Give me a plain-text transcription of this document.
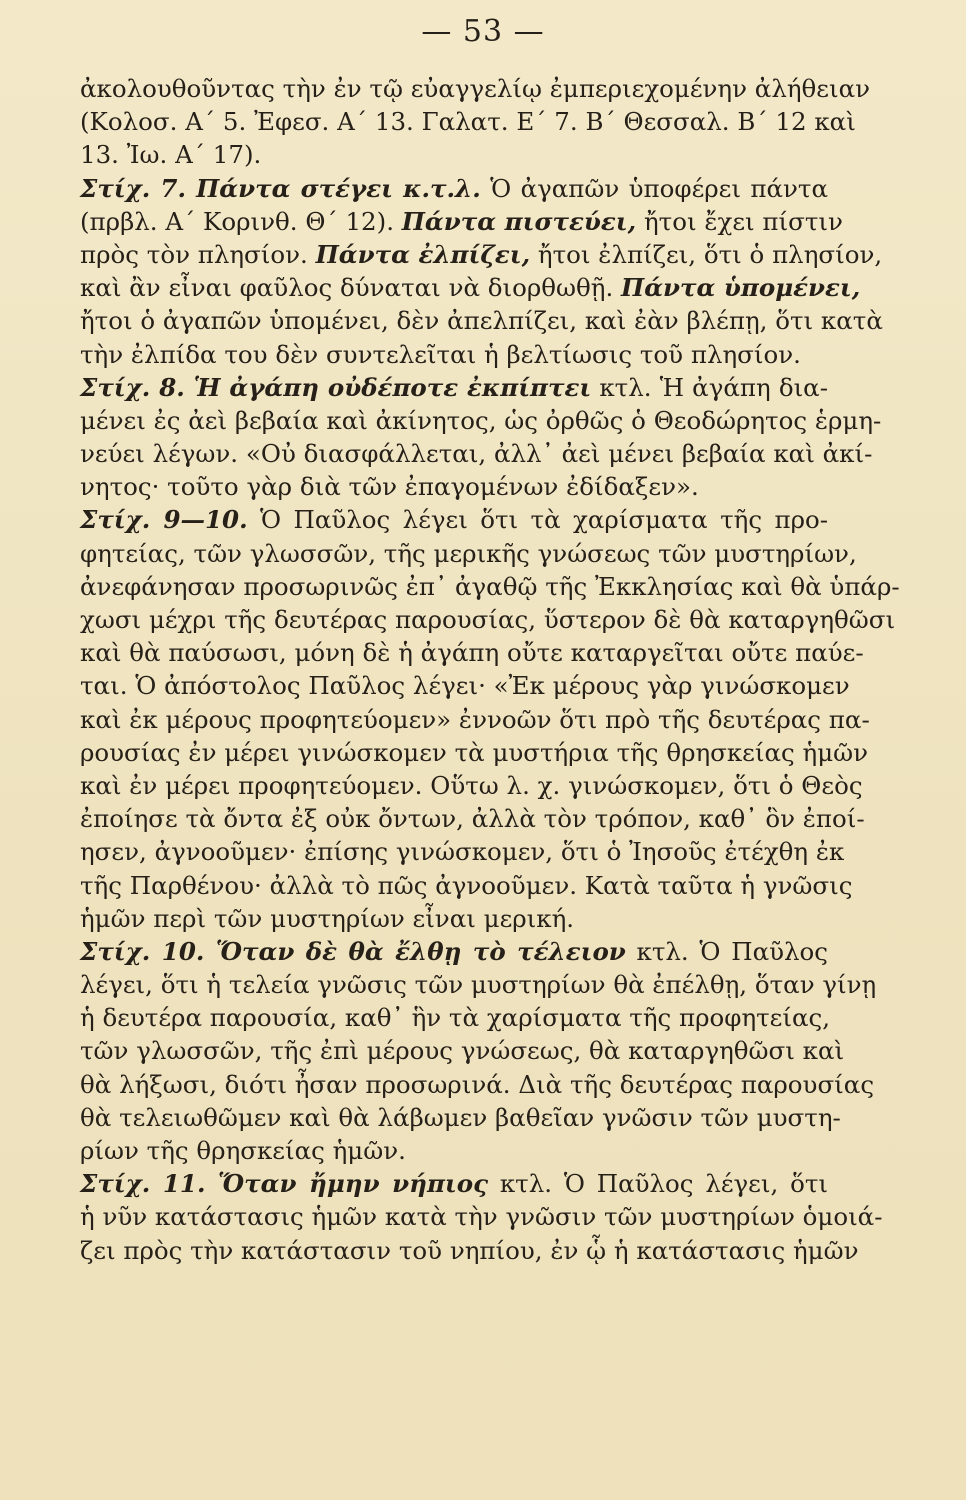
— 53 —
ἀκολουθοῦντας τὴν ἐν τῷ εὐαγγελίῳ ἐμπεριεχομένην ἀλήθειαν
(Κολοσ. Α΄ 5. Ἐφεσ. Α΄ 13. Γαλατ. Ε΄ 7. Β΄ Θεσσαλ. Β΄ 12 καὶ
13. Ἰω. Α΄ 17).
Στίχ. 7. Πάντα στέγει κ.τ.λ. Ὁ ἀγαπῶν ὑποφέρει πάντα
(πρβλ. Α΄ Κορινθ. Θ΄ 12). Πάντα πιστεύει, ἤτοι ἔχει πίστιν
πρὸς τὸν πλησίον. Πάντα ἐλπίζει, ἤτοι ἐλπίζει, ὅτι ὁ πλησίον,
καὶ ἂν εἶναι φαῦλος δύναται νὰ διορθωθῇ. Πάντα ὑπομένει,
ἤτοι ὁ ἀγαπῶν ὑπομένει, δὲν ἀπελπίζει, καὶ ἐὰν βλέπῃ, ὅτι κατὰ
τὴν ἐλπίδα του δὲν συντελεῖται ἡ βελτίωσις τοῦ πλησίον.
Στίχ. 8. Ἡ ἀγάπη οὐδέποτε ἐκπίπτει κτλ. Ἡ ἀγάπη δια-
μένει ἐς ἀεὶ βεβαία καὶ ἀκίνητος, ὡς ὀρθῶς ὁ Θεοδώρητος ἑρμη-
νεύει λέγων. «Οὐ διασφάλλεται, ἀλλ᾽ ἀεὶ μένει βεβαία καὶ ἀκί-
νητος· τοῦτο γὰρ διὰ τῶν ἐπαγομένων ἐδίδαξεν».
Στίχ. 9—10. Ὁ Παῦλος λέγει ὅτι τὰ χαρίσματα τῆς προ-
φητείας, τῶν γλωσσῶν, τῆς μερικῆς γνώσεως τῶν μυστηρίων,
ἀνεφάνησαν προσωρινῶς ἐπ᾽ ἀγαθῷ τῆς Ἐκκλησίας καὶ θὰ ὑπάρ-
χωσι μέχρι τῆς δευτέρας παρουσίας, ὕστερον δὲ θὰ καταργηθῶσι
καὶ θὰ παύσωσι, μόνη δὲ ἡ ἀγάπη οὔτε καταργεῖται οὔτε παύε-
ται. Ὁ ἀπόστολος Παῦλος λέγει· «Ἐκ μέρους γὰρ γινώσκομεν
καὶ ἐκ μέρους προφητεύομεν» ἐννοῶν ὅτι πρὸ τῆς δευτέρας πα-
ρουσίας ἐν μέρει γινώσκομεν τὰ μυστήρια τῆς θρησκείας ἡμῶν
καὶ ἐν μέρει προφητεύομεν. Οὕτω λ. χ. γινώσκομεν, ὅτι ὁ Θεὸς
ἐποίησε τὰ ὄντα ἐξ οὐκ ὄντων, ἀλλὰ τὸν τρόπον, καθ᾽ ὃν ἐποί-
ησεν, ἀγνοοῦμεν· ἐπίσης γινώσκομεν, ὅτι ὁ Ἰησοῦς ἐτέχθη ἐκ
τῆς Παρθένου· ἀλλὰ τὸ πῶς ἀγνοοῦμεν. Κατὰ ταῦτα ἡ γνῶσις
ἡμῶν περὶ τῶν μυστηρίων εἶναι μερική.
Στίχ. 10. Ὅταν δὲ θὰ ἔλθῃ τὸ τέλειον κτλ. Ὁ Παῦλος
λέγει, ὅτι ἡ τελεία γνῶσις τῶν μυστηρίων θὰ ἐπέλθῃ, ὅταν γίνῃ
ἡ δευτέρα παρουσία, καθ᾽ ἣν τὰ χαρίσματα τῆς προφητείας,
τῶν γλωσσῶν, τῆς ἐπὶ μέρους γνώσεως, θὰ καταργηθῶσι καὶ
θὰ λήξωσι, διότι ἦσαν προσωρινά. Διὰ τῆς δευτέρας παρουσίας
θὰ τελειωθῶμεν καὶ θὰ λάβωμεν βαθεῖαν γνῶσιν τῶν μυστη-
ρίων τῆς θρησκείας ἡμῶν.
Στίχ. 11. Ὅταν ἤμην νήπιος κτλ. Ὁ Παῦλος λέγει, ὅτι
ἡ νῦν κατάστασις ἡμῶν κατὰ τὴν γνῶσιν τῶν μυστηρίων ὁμοιά-
ζει πρὸς τὴν κατάστασιν τοῦ νηπίου, ἐν ᾧ ἡ κατάστασις ἡμῶν
